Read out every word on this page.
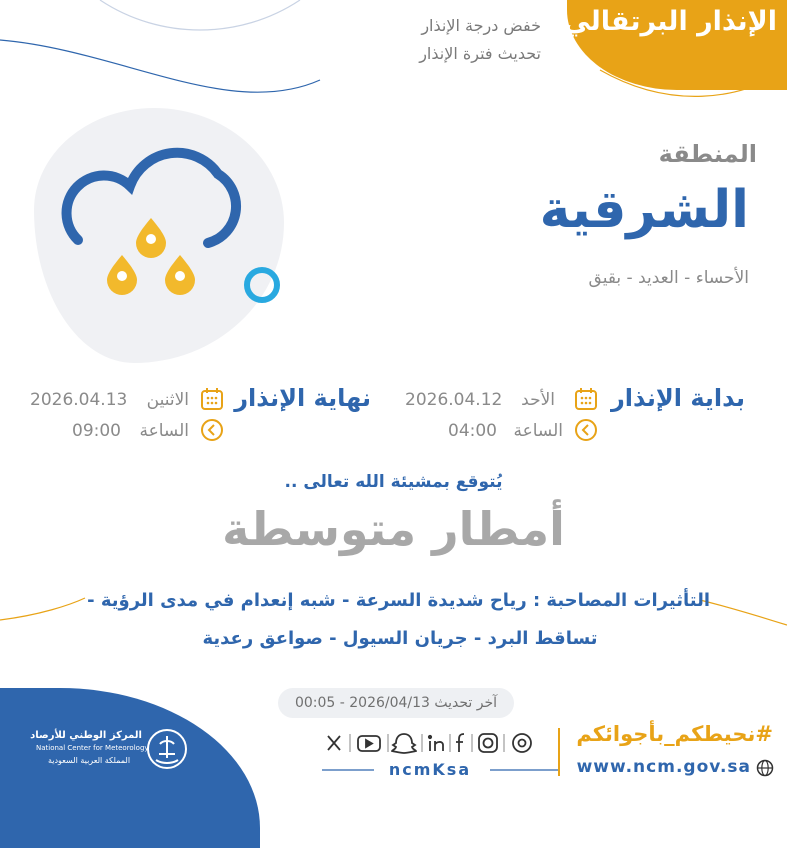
الإنذار البرتقالي
خفض درجة الإنذار
تحديث فترة الإنذار
المنطقة
الشرقية
الأحساء - العديد - بقيق
بداية الإنذار
الأحد
2026.04.12
الساعة
04:00
نهاية الإنذار
الاثنين
2026.04.13
الساعة
09:00
يُتوقع بمشيئة الله تعالى ..
أمطار متوسطة
التأثيرات المصاحبة : رياح شديدة السرعة - شبه إنعدام في مدى الرؤية -
تساقط البرد - جريان السيول - صواعق رعدية
آخر تحديث 2026/04/13 - 00:05
المركز الوطني للأرصاد
National Center for Meteorology
المملكة العربية السعودية	ncmKsa
#نحيطكم_بأجوائكم
www.ncm.gov.sa
